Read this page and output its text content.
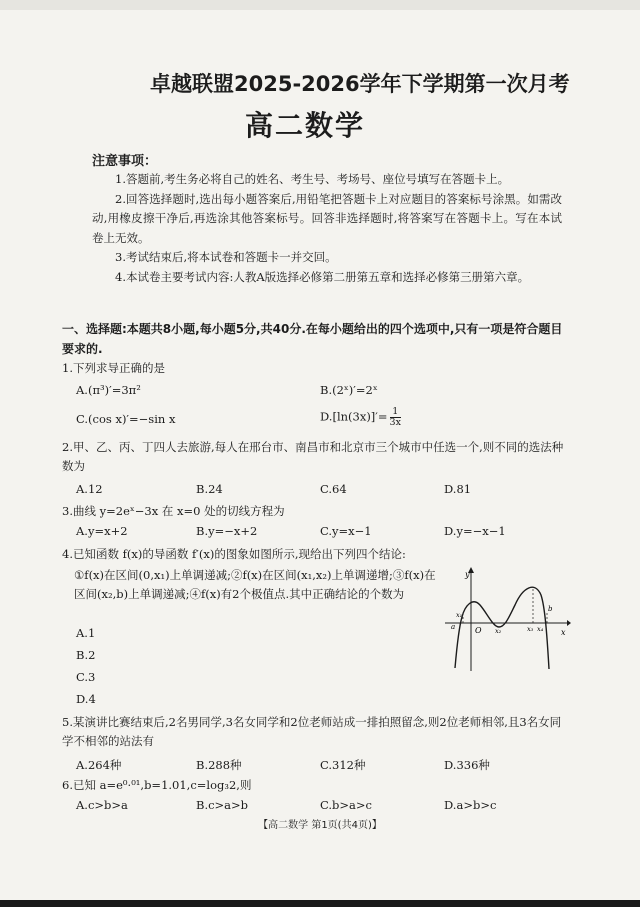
卓越联盟2025-2026学年下学期第一次月考
高二数学
注意事项：

1.答题前,考生务必将自己的姓名、考生号、考场号、座位号填写在答题卡上。

2.回答选择题时,选出每小题答案后,用铅笔把答题卡上对应题目的答案标号涂黑。如需改动,用橡皮擦干净后,再选涂其他答案标号。回答非选择题时,将答案写在答题卡上。写在本试卷上无效。

3.考试结束后,将本试卷和答题卡一并交回。

4.本试卷主要考试内容:人教A版选择必修第二册第五章和选择必修第三册第六章。

一、选择题:本题共8小题,每小题5分,共40分.在每小题给出的四个选项中,只有一项是符合题目要求的.
1.下列求导正确的是
A.(π³)′=3π²	B.(2ˣ)′=2ˣ
C.(cos x)′=−sin x	$D.[\ln(3x)]'= \frac{1}{3x}$
2.甲、乙、丙、丁四人去旅游,每人在邢台市、南昌市和北京市三个城市中任选一个,则不同的选法种数为
A.12	B.24	C.64	D.81
3.曲线 y=2eˣ−3x 在 x=0 处的切线方程为
A.y=x+2	B.y=−x+2	C.y=x−1	D.y=−x−1
4.已知函数 f(x)的导函数 f′(x)的图象如图所示,现给出下列四个结论:
①f(x)在区间(0,x₁)上单调递减;②f(x)在区间(x₁,x₂)上单调递增;③f(x)在区间(x₂,b)上单调递减;④f(x)有2个极值点.其中正确结论的个数为
A.1
B.2
C.3
D.4
y
x
O
a
b
x₁
x₂	x₃ x₄
5.某演讲比赛结束后,2名男同学,3名女同学和2位老师站成一排拍照留念,则2位老师相邻,且3名女同学不相邻的站法有
A.264种	B.288种	C.312种	D.336种
6.已知 a=e⁰·⁰¹,b=1.01,c=log₃2,则
A.c>b>a	B.c>a>b	C.b>a>c	D.a>b>c
【高二数学 第1页(共4页)】
